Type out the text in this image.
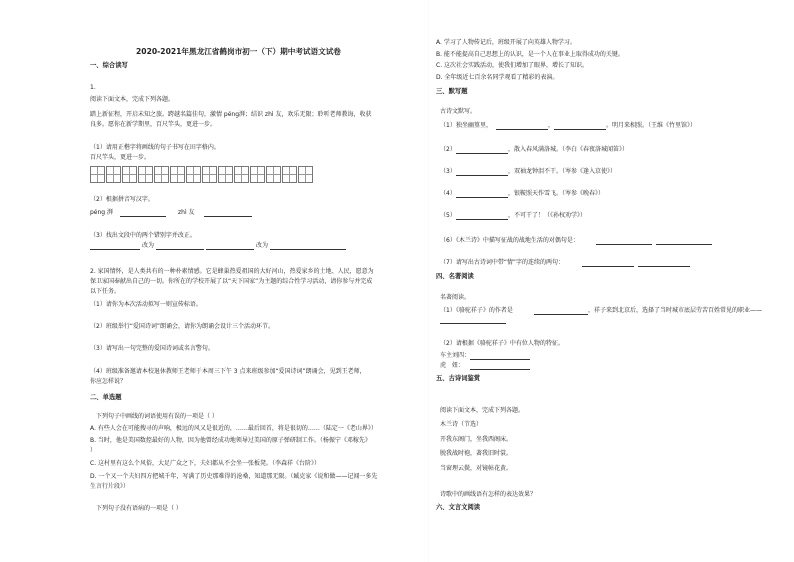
2020-2021年黑龙江省鹤岗市初一（下）期中考试语文试卷
一、综合读写
1.
阅读下面文本，完成下列各题。
踏上新征程，开启未知之旅。跨越名篇佳句，激情 péng湃；结识 zhì 友，欢乐无限；聆听老师教诲，收获
良多。愿你在新学期里，百尺竿头，更进一步。
（1）请用正楷字将画线的句子书写在田字格内。
百尺竿头，更进一步。
（2）根据拼音写汉字。
péng 湃	zhì 友
（3）找出文段中的两个错别字并改正。
改为	改为
2. 家国情怀，是人类共有的一种朴素情感。它是蜂巢热爱祖国的大好河山，热爱家乡的土地、人民，愿意为
保卫家国奉献出自己的一切。你所在的学校开展了以“天下国家”为主题的综合性学习活动，请你参与并完成
以下任务。
（1）请你为本次活动拟写一则宣传标语。
（2）班级举行“爱国诗词”朗诵会，请你为朗诵会设计三个活动环节。
（3）请写出一句完整的爱国诗词或名言警句。
（4）班级准备邀请本校退休教师王老师于本周三下午 3 点来班级参加“爱国诗词”朗诵会，见到王老师，
你应怎样说？
二、单选题
下列句子中画线的词语使用有误的一项是（ ）
A. 有些人会在可能搜寻的声响，极远的风又是很近的，……最后回首，将是很切的……（陆定一《老山界》）
B. 当时，他是美国数控最好的人物，因为他曾经成功地领导过美国的原子弹研制工作。（杨振宁《邓稼先》
）
C. 这村里有这么个风俗，大足广众之下，夫妇都从不会坐一张板凳。（李森祥《台阶》）
D. 一个又一个夫妇四方把城千年，写满了历史那难得的沧桑，知道那无限。（臧克家《说和做——记闻一多先
生言行片段》）
下列句子没有语病的一项是（ ）
A. 学习了人物传记后，班级开展了向英雄人物学习。
B. 能不能提高自己思想上的认识，是一个人在事业上取得成功的关键。
C. 这次社会实践活动，使我们增加了眼界，增长了知识。
D. 全年级近七百余名同学观看了精彩的表演。
三、默写题
古诗文默写。
（1） 独坐幽篁里，	，	。明月来相照。（王维《竹里馆》）
（2）	，散入春风满洛城。（李白《春夜洛城闻笛》）
（3）	，双袖龙钟泪不干。（岑参《逢入京使》）
（4）	，银鞍照天作雪飞。（岑参《晚春》）
（5）	，不可干了！（《孙权劝学》）
（6）《木兰诗》中描写征战的战地生活的对偶句是：
（7）请写出古诗词中带“情”字的连续的两句：
四、名著阅读
名著阅读。
（1）《骆驼祥子》的作者是	，祥子来到北京后，选择了当时城市底层劳苦百姓常见的职业——
（2）请根据《骆驼祥子》中有位人物的特征。
车主刘四：
虎　妞：
五、古诗词鉴赏
阅读下面文本，完成下列各题。
木兰诗（节选）
开我东阁门，坐我西阁床。
脱我战时袍，著我旧时裳。
当窗理云鬓，对镜帖花黄。
诗歌中的画线语有怎样的表达效果？
六、文言文阅读
